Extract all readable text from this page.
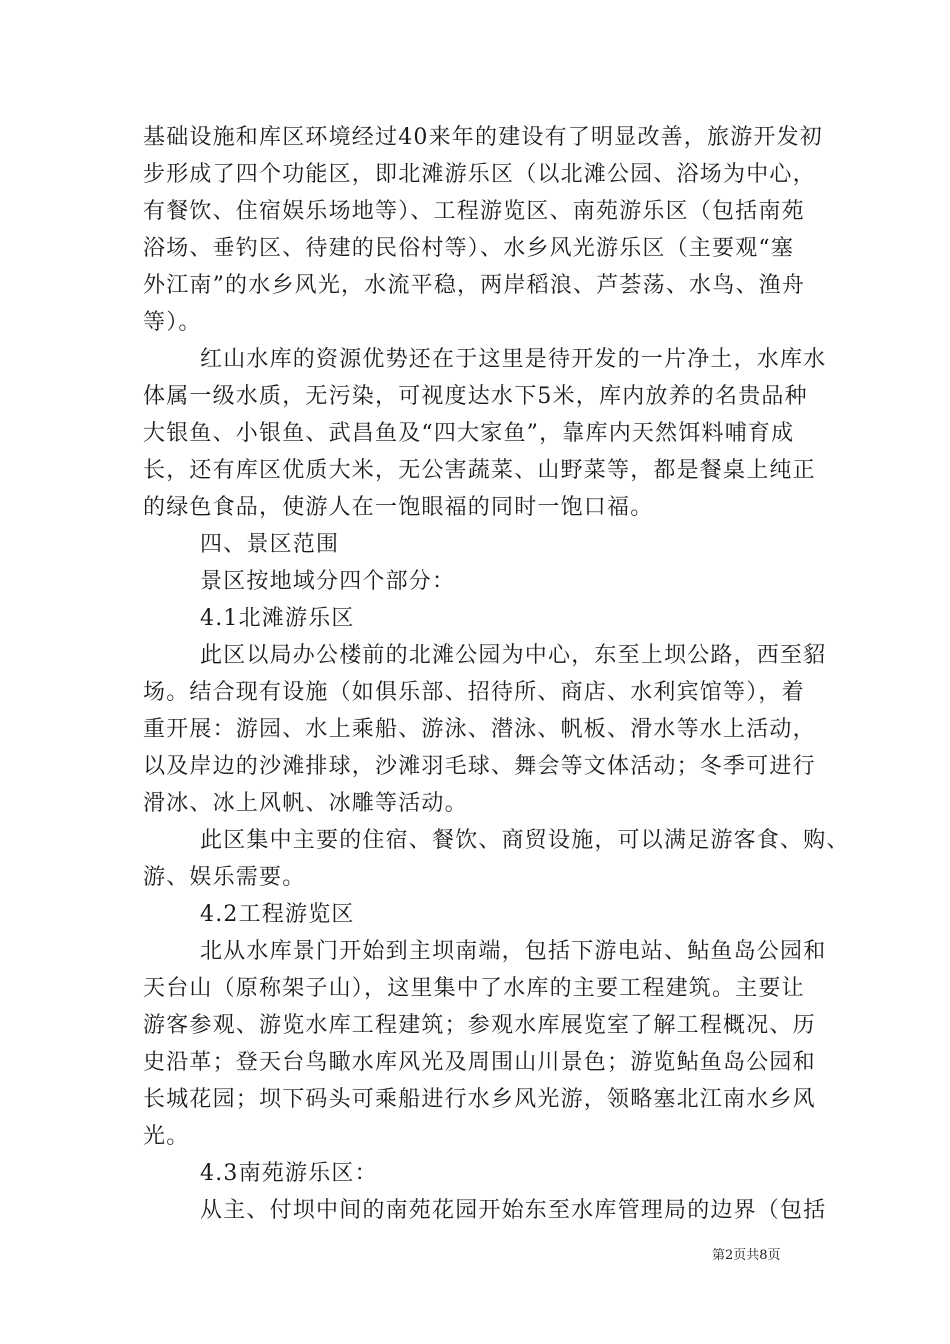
基础设施和库区环境经过40来年的建设有了明显改善，旅游开发初
步形成了四个功能区，即北滩游乐区（以北滩公园、浴场为中心，
有餐饮、住宿娱乐场地等）、工程游览区、南苑游乐区（包括南苑
浴场、垂钓区、待建的民俗村等）、水乡风光游乐区（主要观“塞
外江南”的水乡风光，水流平稳，两岸稻浪、芦荟荡、水鸟、渔舟
等）。
红山水库的资源优势还在于这里是待开发的一片净土，水库水
体属一级水质，无污染，可视度达水下5米，库内放养的名贵品种
大银鱼、小银鱼、武昌鱼及“四大家鱼”，靠库内天然饵料哺育成
长，还有库区优质大米，无公害蔬菜、山野菜等，都是餐桌上纯正
的绿色食品，使游人在一饱眼福的同时一饱口福。
四、景区范围
景区按地域分四个部分：
4.1北滩游乐区
此区以局办公楼前的北滩公园为中心，东至上坝公路，西至貂
场。结合现有设施（如俱乐部、招待所、商店、水利宾馆等），着
重开展：游园、水上乘船、游泳、潜泳、帆板、滑水等水上活动，
以及岸边的沙滩排球，沙滩羽毛球、舞会等文体活动；冬季可进行
滑冰、冰上风帆、冰雕等活动。
此区集中主要的住宿、餐饮、商贸设施，可以满足游客食、购、
游、娱乐需要。
4.2工程游览区
北从水库景门开始到主坝南端，包括下游电站、鲇鱼岛公园和
天台山（原称架子山），这里集中了水库的主要工程建筑。主要让
游客参观、游览水库工程建筑；参观水库展览室了解工程概况、历
史沿革；登天台鸟瞰水库风光及周围山川景色；游览鲇鱼岛公园和
长城花园；坝下码头可乘船进行水乡风光游，领略塞北江南水乡风
光。
4.3南苑游乐区：
从主、付坝中间的南苑花园开始东至水库管理局的边界（包括
第2页共8页
